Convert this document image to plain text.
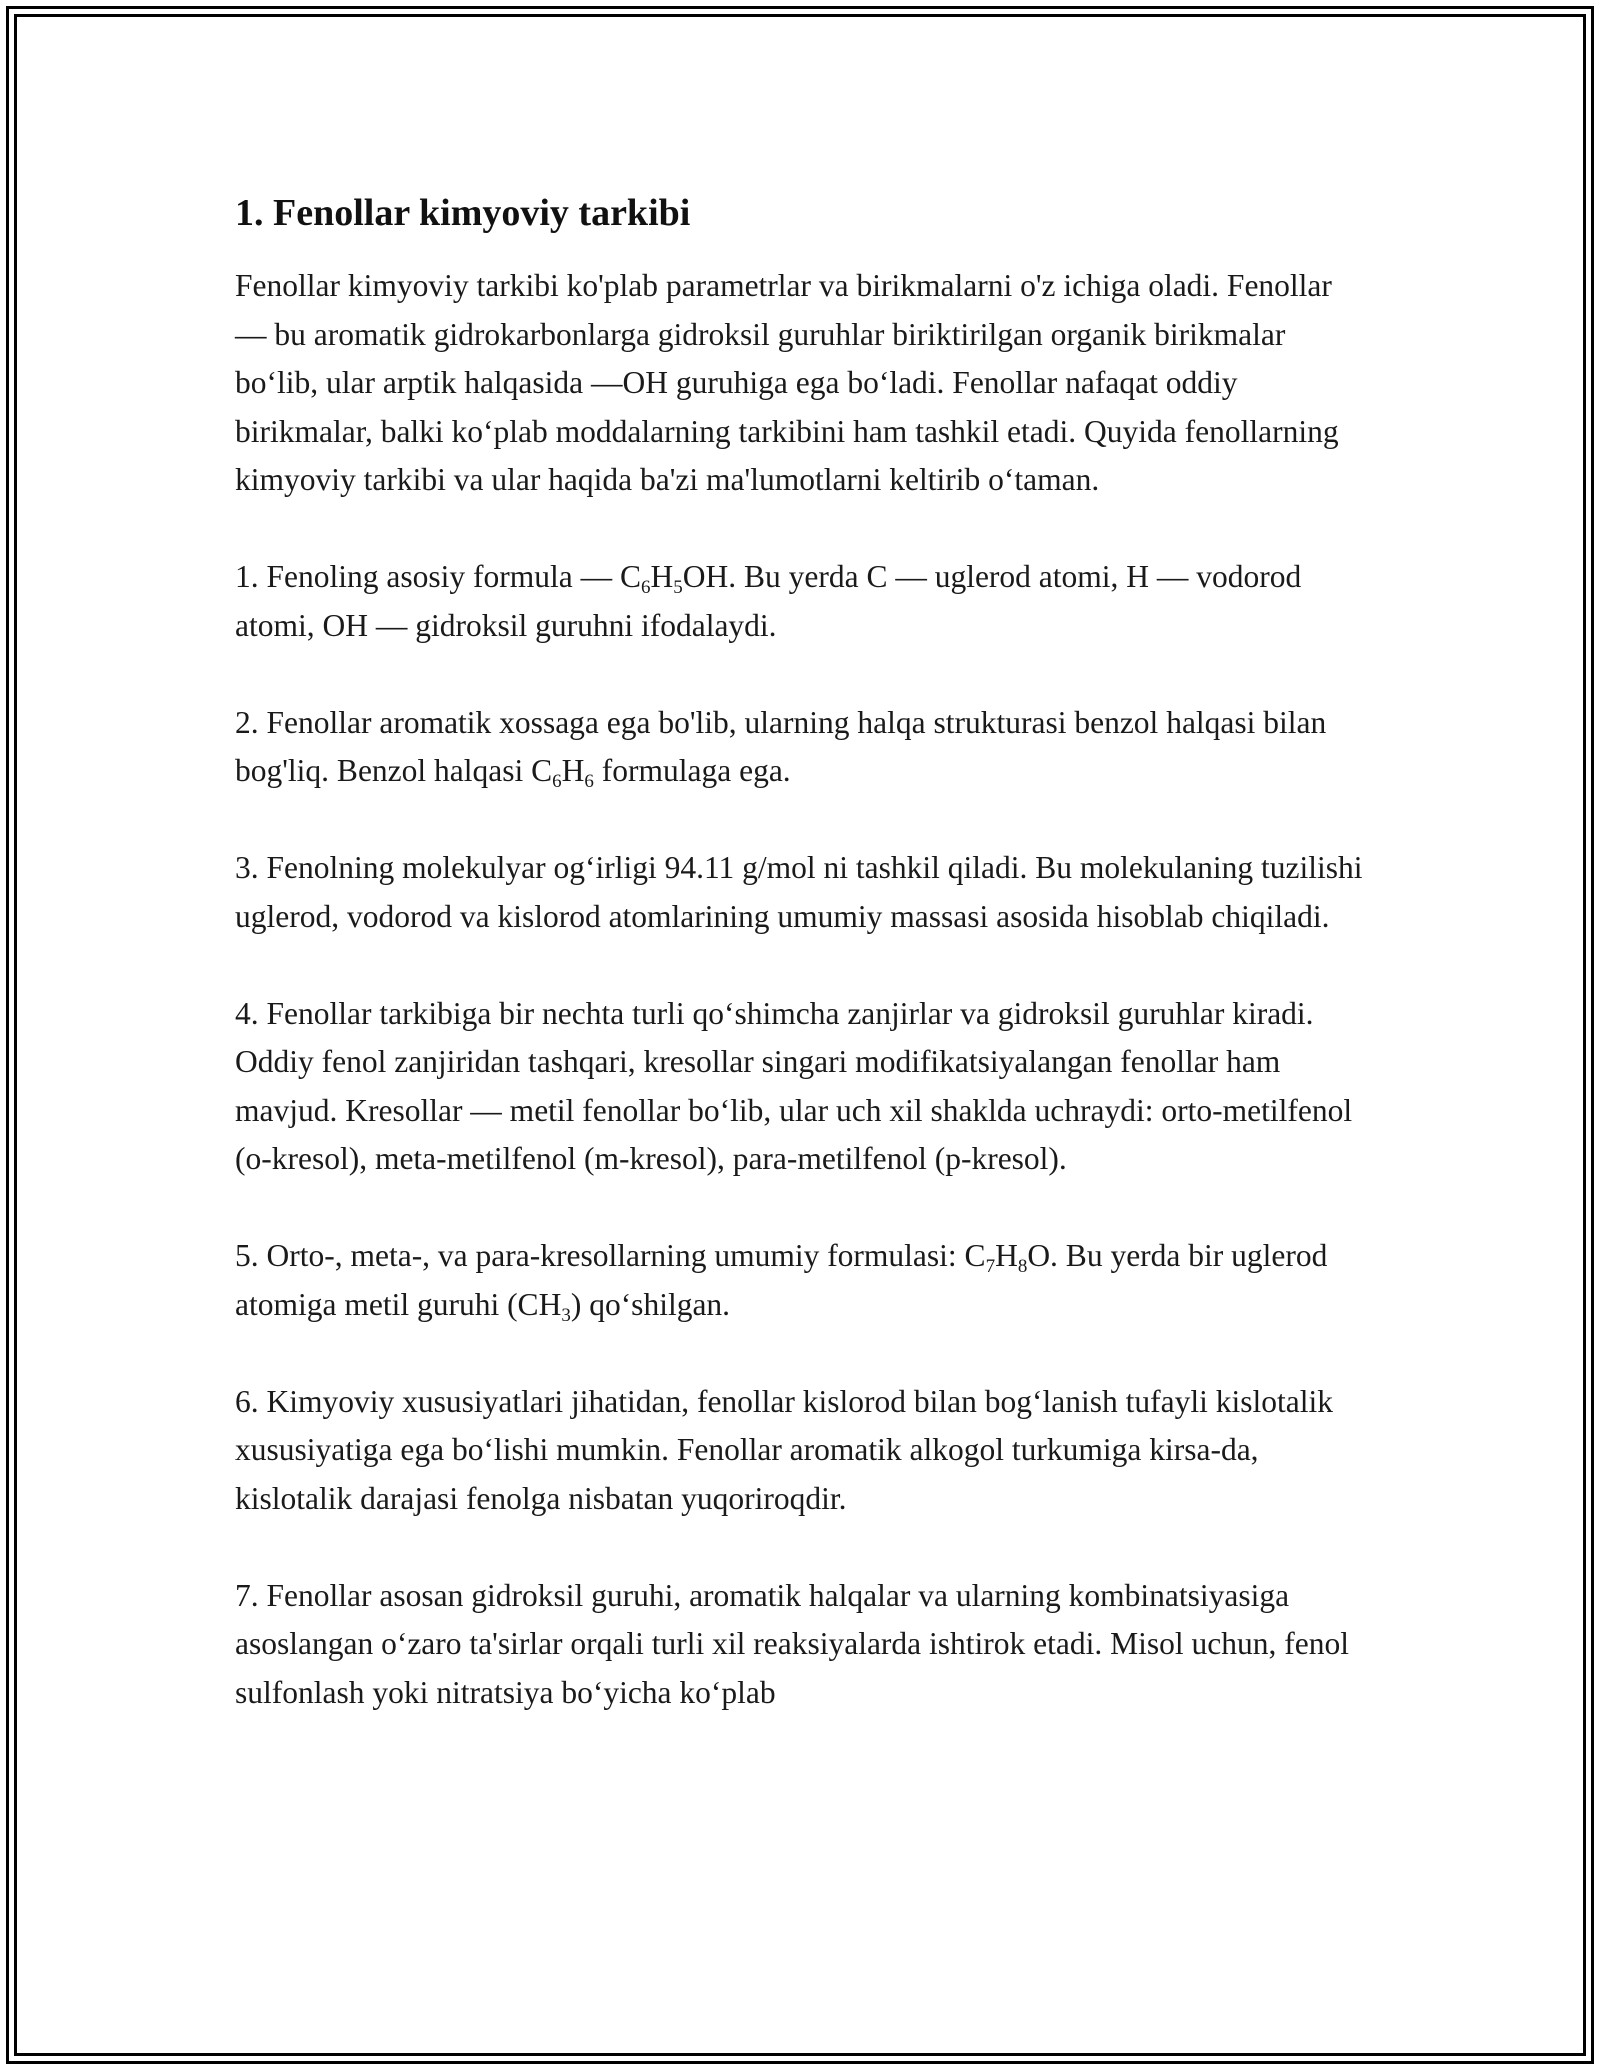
1. Fenollar kimyoviy tarkibi

Fenollar kimyoviy tarkibi ko'plab parametrlar va birikmalarni o'z ichiga oladi. Fenollar — bu aromatik gidrokarbonlarga gidroksil guruhlar biriktirilgan organik birikmalar bo‘lib, ular arptik halqasida —OH guruhiga ega bo‘ladi. Fenollar nafaqat oddiy birikmalar, balki ko‘plab moddalarning tarkibini ham tashkil etadi. Quyida fenollarning kimyoviy tarkibi va ular haqida ba'zi ma'lumotlarni keltirib o‘taman.

1. Fenoling asosiy formula — $C_6H_5OH$. Bu yerda C — uglerod atomi, H — vodorod atomi, OH — gidroksil guruhni ifodalaydi.

2. Fenollar aromatik xossaga ega bo'lib, ularning halqa strukturasi benzol halqasi bilan bog'liq. Benzol halqasi $C_6H_6$ formulaga ega.

3. Fenolning molekulyar og‘irligi 94.11 g/mol ni tashkil qiladi. Bu molekulaning tuzilishi uglerod, vodorod va kislorod atomlarining umumiy massasi asosida hisoblab chiqiladi.

4. Fenollar tarkibiga bir nechta turli qo‘shimcha zanjirlar va gidroksil guruhlar kiradi. Oddiy fenol zanjiridan tashqari, kresollar singari modifikatsiyalangan fenollar ham mavjud. Kresollar — metil fenollar bo‘lib, ular uch xil shaklda uchraydi: orto-metilfenol (o-kresol), meta-metilfenol (m-kresol), para-metilfenol (p-kresol).

5. Orto-, meta-, va para-kresollarning umumiy formulasi: $C_7H_8O$. Bu yerda bir uglerod atomiga metil guruhi $(CH_3)$ qo‘shilgan.

6. Kimyoviy xususiyatlari jihatidan, fenollar kislorod bilan bog‘lanish tufayli kislotalik xususiyatiga ega bo‘lishi mumkin. Fenollar aromatik alkogol turkumiga kirsa-da, kislotalik darajasi fenolga nisbatan yuqoriroqdir.

7. Fenollar asosan gidroksil guruhi, aromatik halqalar va ularning kombinatsiyasiga asoslangan o‘zaro ta'sirlar orqali turli xil reaksiyalarda ishtirok etadi. Misol uchun, fenol sulfonlash yoki nitratsiya bo‘yicha ko‘plab
